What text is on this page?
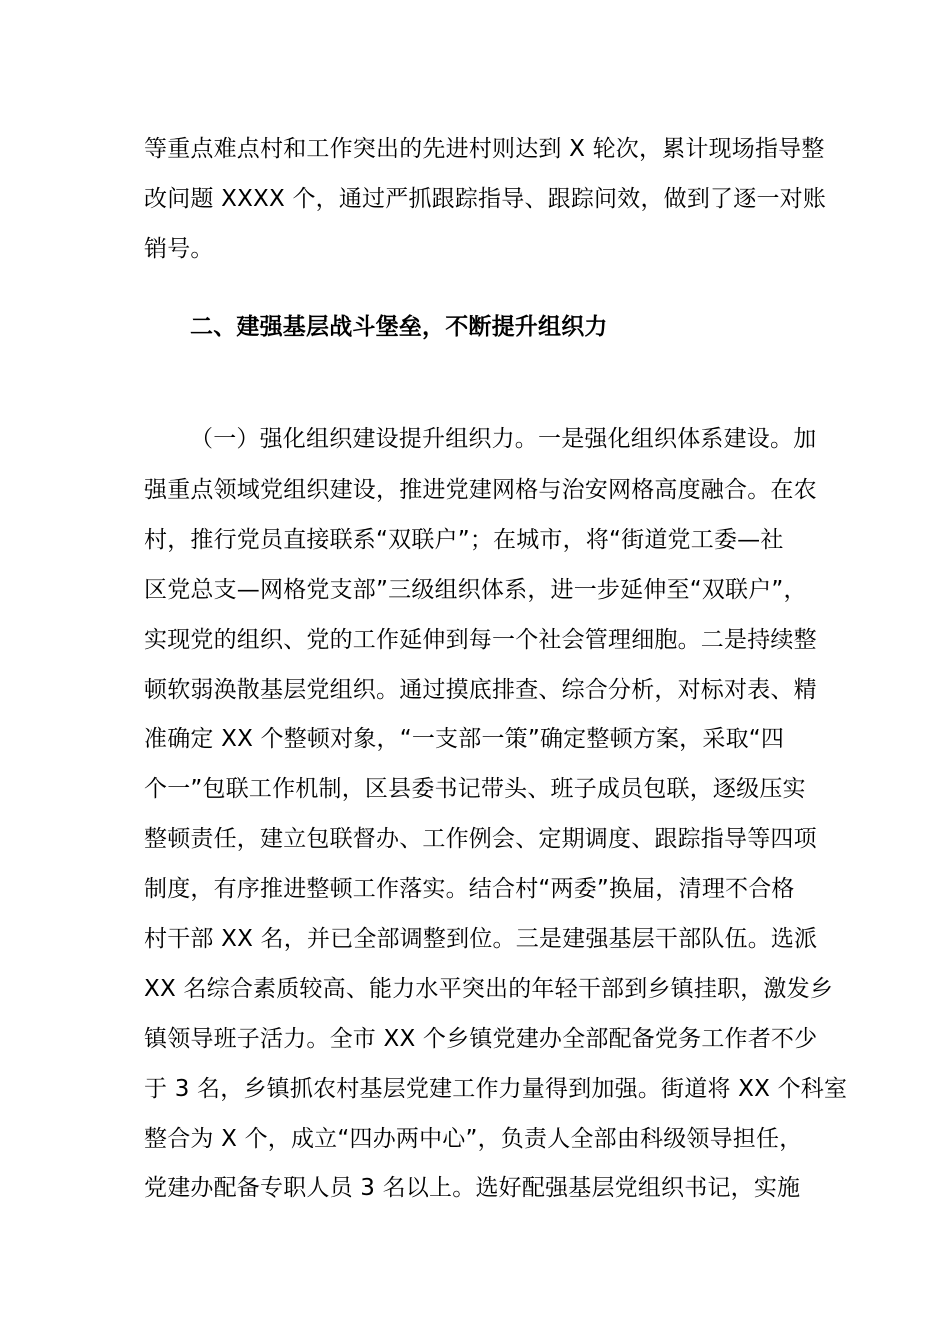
等重点难点村和工作突出的先进村则达到 X 轮次，累计现场指导整
改问题 XXXX 个，通过严抓跟踪指导、跟踪问效，做到了逐一对账
销号。
二、建强基层战斗堡垒，不断提升组织力
（一）强化组织建设提升组织力。一是强化组织体系建设。加
强重点领域党组织建设，推进党建网格与治安网格高度融合。在农
村，推行党员直接联系“双联户”；在城市，将“街道党工委—社
区党总支—网格党支部”三级组织体系，进一步延伸至“双联户”，
实现党的组织、党的工作延伸到每一个社会管理细胞。二是持续整
顿软弱涣散基层党组织。通过摸底排查、综合分析，对标对表、精
准确定 XX 个整顿对象，“一支部一策”确定整顿方案，采取“四
个一”包联工作机制，区县委书记带头、班子成员包联，逐级压实
整顿责任，建立包联督办、工作例会、定期调度、跟踪指导等四项
制度，有序推进整顿工作落实。结合村“两委”换届，清理不合格
村干部 XX 名，并已全部调整到位。三是建强基层干部队伍。选派
XX 名综合素质较高、能力水平突出的年轻干部到乡镇挂职，激发乡
镇领导班子活力。全市 XX 个乡镇党建办全部配备党务工作者不少
于 3 名，乡镇抓农村基层党建工作力量得到加强。街道将 XX 个科室
整合为 X 个，成立“四办两中心”，负责人全部由科级领导担任，
党建办配备专职人员 3 名以上。选好配强基层党组织书记，实施
